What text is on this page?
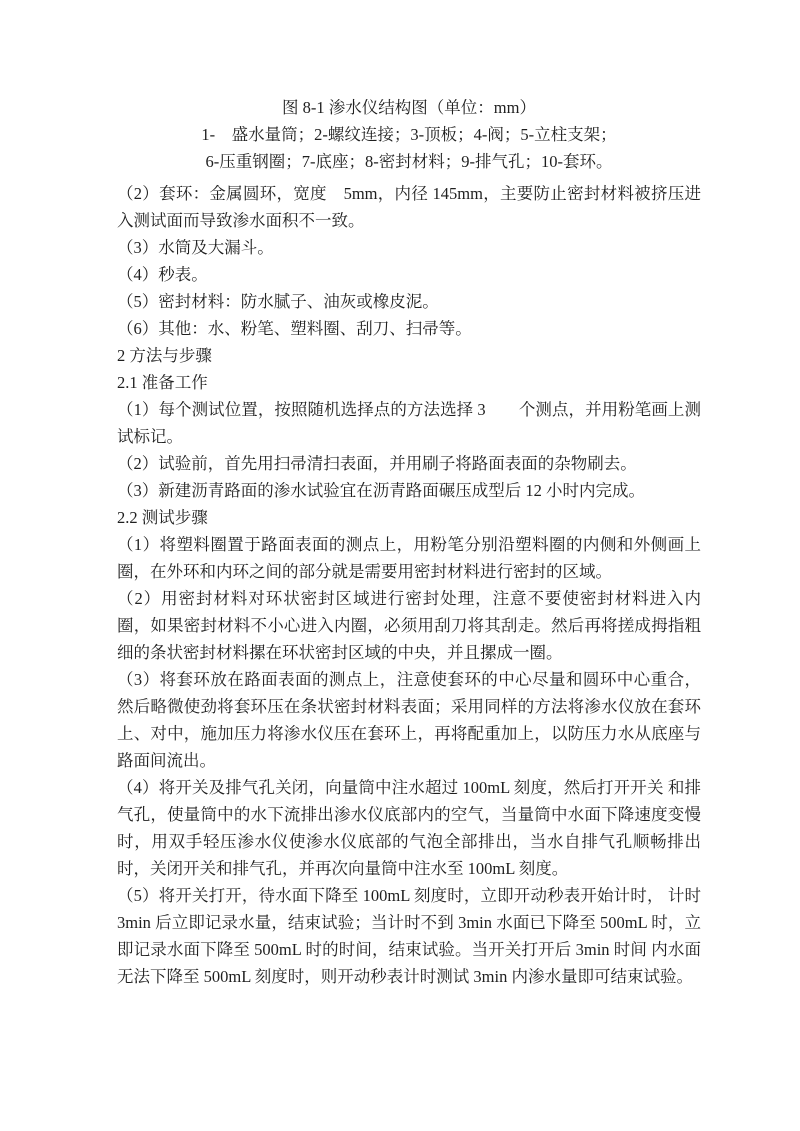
图 8-1 渗水仪结构图（单位：mm）
1-　盛水量筒；2-螺纹连接；3-顶板；4-阀；5-立柱支架；
6-压重钢圈；7-底座；8-密封材料；9-排气孔；10-套环。

（2）套环：金属圆环，宽度　5mm，内径 145mm，主要防止密封材料被挤压进入测试面而导致渗水面积不一致。

（3）水筒及大漏斗。

（4）秒表。

（5）密封材料：防水腻子、油灰或橡皮泥。

（6）其他：水、粉笔、塑料圈、刮刀、扫帚等。

2 方法与步骤

2.1 准备工作

（1）每个测试位置，按照随机选择点的方法选择 3　　个测点，并用粉笔画上测试标记。

（2）试验前，首先用扫帚清扫表面，并用刷子将路面表面的杂物刷去。

（3）新建沥青路面的渗水试验宜在沥青路面碾压成型后 12 小时内完成。

2.2 测试步骤

（1）将塑料圈置于路面表面的测点上，用粉笔分别沿塑料圈的内侧和外侧画上圈，在外环和内环之间的部分就是需要用密封材料进行密封的区域。

（2）用密封材料对环状密封区域进行密封处理，注意不要使密封材料进入内圈，如果密封材料不小心进入内圈，必须用刮刀将其刮走。然后再将搓成拇指粗 细的条状密封材料摞在环状密封区域的中央，并且摞成一圈。

（3）将套环放在路面表面的测点上，注意使套环的中心尽量和圆环中心重合，然后略微使劲将套环压在条状密封材料表面；采用同样的方法将渗水仪放在套环 上、对中，施加压力将渗水仪压在套环上，再将配重加上，以防压力水从底座与 路面间流出。

（4）将开关及排气孔关闭，向量筒中注水超过 100mL 刻度，然后打开开关 和排气孔，使量筒中的水下流排出渗水仪底部内的空气，当量筒中水面下降速度变慢时，用双手轻压渗水仪使渗水仪底部的气泡全部排出，当水自排气孔顺畅排出时，关闭开关和排气孔，并再次向量筒中注水至 100mL 刻度。

（5）将开关打开，待水面下降至 100mL 刻度时，立即开动秒表开始计时， 计时 3min 后立即记录水量，结束试验；当计时不到 3min 水面已下降至 500mL 时，立即记录水面下降至 500mL 时的时间，结束试验。当开关打开后 3min 时间 内水面无法下降至 500mL 刻度时，则开动秒表计时测试 3min 内渗水量即可结束试验。
